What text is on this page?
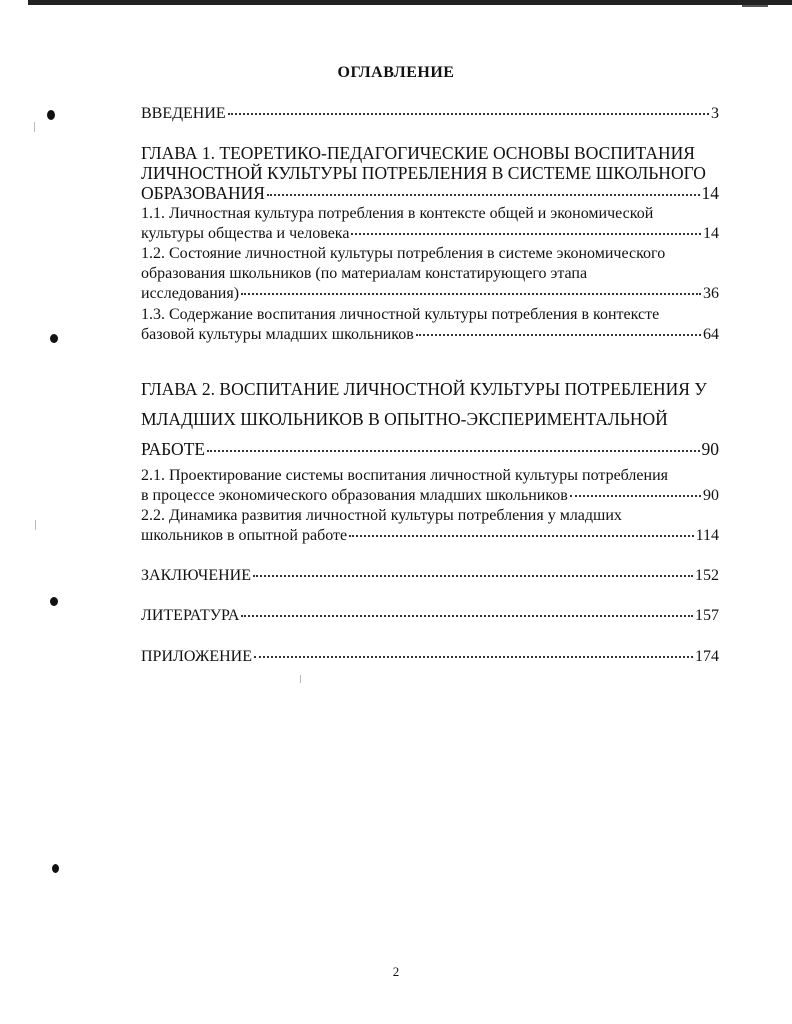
ОГЛАВЛЕНИЕ
ВВЕДЕНИЕ	3
ГЛАВА 1. ТЕОРЕТИКО-ПЕДАГОГИЧЕСКИЕ ОСНОВЫ ВОСПИТАНИЯ
ЛИЧНОСТНОЙ КУЛЬТУРЫ ПОТРЕБЛЕНИЯ В СИСТЕМЕ ШКОЛЬНОГО
ОБРАЗОВАНИЯ	14
1.1. Личностная культура потребления в контексте общей и экономической
культуры общества и человека	14
1.2. Состояние личностной культуры потребления в системе экономического
образования школьников (по материалам констатирующего этапа
исследования)	36
1.3. Содержание воспитания личностной культуры потребления в контексте
базовой культуры младших школьников	64
ГЛАВА 2. ВОСПИТАНИЕ ЛИЧНОСТНОЙ КУЛЬТУРЫ ПОТРЕБЛЕНИЯ У
МЛАДШИХ ШКОЛЬНИКОВ В ОПЫТНО-ЭКСПЕРИМЕНТАЛЬНОЙ
РАБОТЕ	90
2.1. Проектирование системы воспитания личностной культуры потребления
в процессе экономического образования младших школьников	90
2.2. Динамика развития личностной культуры потребления у младших
школьников в опытной работе	114
ЗАКЛЮЧЕНИЕ	152
ЛИТЕРАТУРА	157
ПРИЛОЖЕНИЕ	174
2
